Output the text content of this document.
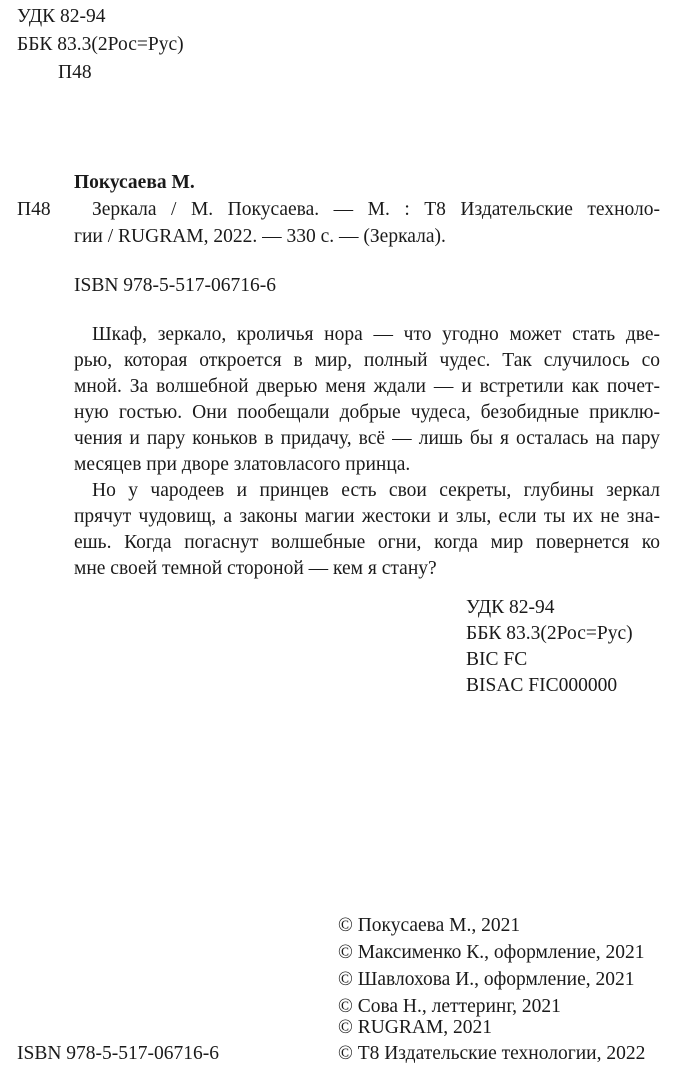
УДК 82-94
ББК 83.3(2Рос=Рус)
П48
Покусаева М.
П48 Зеркала / М. Покусаева. — М. : Т8 Издательские техноло-
гии / RUGRAM, 2022. — 330 с. — (Зеркала).
ISBN 978-5-517-06716-6
Шкаф, зеркало, кроличья нора — что угодно может стать две-
рью, которая откроется в мир, полный чудес. Так случилось со
мной. За волшебной дверью меня ждали — и встретили как почет-
ную гостью. Они пообещали добрые чудеса, безобидные приклю-
чения и пару коньков в придачу, всё — лишь бы я осталась на пару
месяцев при дворе златовласого принца.
Но у чародеев и принцев есть свои секреты, глубины зеркал
прячут чудовищ, а законы магии жестоки и злы, если ты их не зна-
ешь. Когда погаснут волшебные огни, когда мир повернется ко
мне своей темной стороной — кем я стану?
УДК 82-94
ББК 83.3(2Рос=Рус)
BIC FC
BISAC FIC000000
© Покусаева М., 2021
© Максименко К., оформление, 2021
© Шавлохова И., оформление, 2021
© Сова Н., леттеринг, 2021
© RUGRAM, 2021
© Т8 Издательские технологии, 2022
ISBN 978-5-517-06716-6
